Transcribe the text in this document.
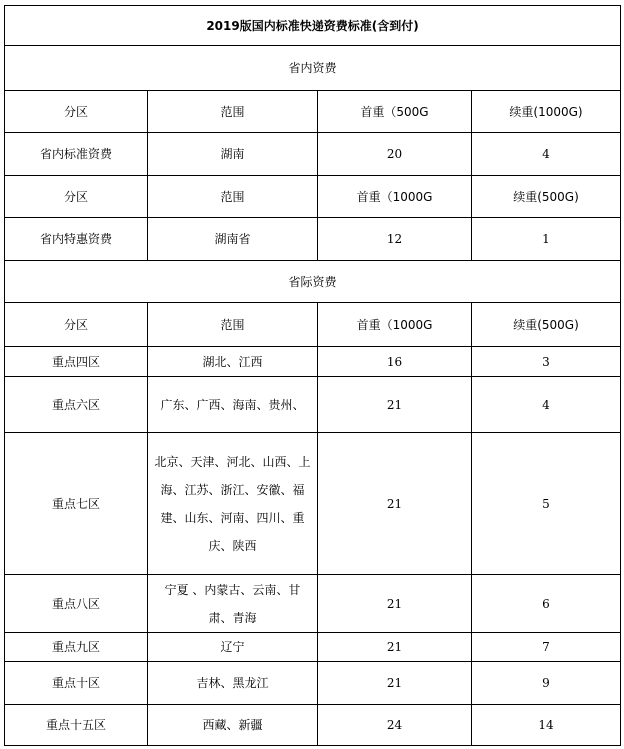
2019版国内标准快递资费标准(含到付)			
省内资费			
分区	范围	首重（500G	续重(1000G)
省内标准资费	湖南	20	4
分区	范围	首重（1000G	续重(500G)
省内特惠资费	湖南省	12	1
省际资费			
分区	范围	首重（1000G	续重(500G)
重点四区	湖北、江西	16	3
重点六区	广东、广西、海南、贵州、	21	4
重点七区	北京、天津、河北、山西、上海、江苏、浙江、安徽、福建、山东、河南、四川、重庆、陕西	21	5
重点八区	宁夏 、内蒙古、云南、甘肃、青海	21	6
重点九区	辽宁	21	7
重点十区	吉林、黑龙江	21	9
重点十五区	西藏、新疆	24	14
